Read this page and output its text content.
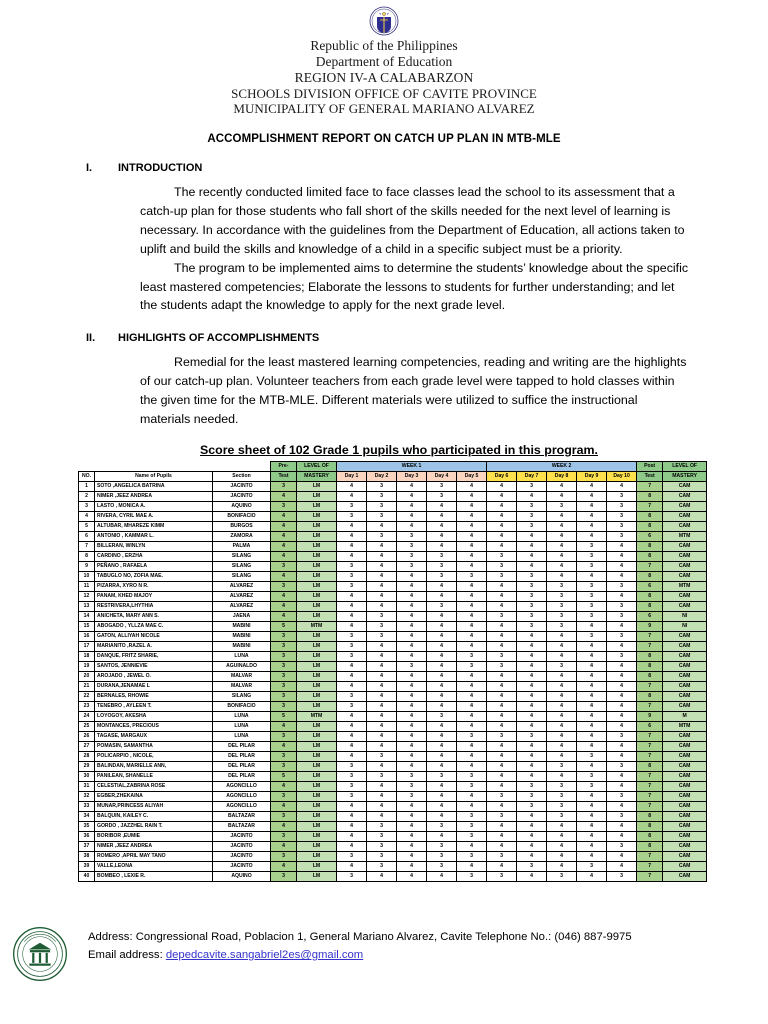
Republic of the Philippines
Department of Education
REGION IV-A CALABARZON
SCHOOLS DIVISION OFFICE OF CAVITE PROVINCE
MUNICIPALITY OF GENERAL MARIANO ALVAREZ
ACCOMPLISHMENT REPORT ON CATCH UP PLAN IN MTB-MLE
I. INTRODUCTION
The recently conducted limited face to face classes lead the school to its assessment that a catch-up plan for those students who fall short of the skills needed for the next level of learning is necessary. In accordance with the guidelines from the Department of Education, all actions taken to uplift and build the skills and knowledge of a child in a specific subject must be a priority.
The program to be implemented aims to determine the students’ knowledge about the specific least mastered competencies; Elaborate the lessons to students for further understanding; and let the students adapt the knowledge to apply for the next grade level.
II. HIGHLIGHTS OF ACCOMPLISHMENTS
Remedial for the least mastered learning competencies, reading and writing are the highlights of our catch-up plan. Volunteer teachers from each grade level were tapped to hold classes within the given time for the MTB-MLE. Different materials were utilized to suffice the instructional materials needed.
Score sheet of 102 Grade 1 pupils who participated in this program.
			Pre-	LEVEL OF	WEEK 1					WEEK 2					Post	LEVEL OF
NO.	Name of Pupils	Section	Test	MASTERY	Day 1	Day 2	Day 3	Day 4	Day 5	Day 6	Day 7	Day 8	Day 9	Day 10	Test	MASTERY
1	SOTO ,ANGELICA BATRINA	JACINTO	3	LM	4	3	4	3	4	4	3	4	4	4	7	CAM
2	NIMER ,JEEZ ANDREA	JACINTO	4	LM	4	3	4	3	4	4	4	4	4	3	8	CAM
3	LASTO , MONICA A.	AQUINO	3	LM	3	3	4	4	4	4	3	3	4	3	7	CAM
4	RIVERA, CYRIL MAE A.	BONIFACIO	4	LM	3	3	4	4	4	4	3	4	4	3	8	CAM
5	ALTUBAR, MHAREZE KIMM	BURGOS	4	LM	4	4	4	4	4	4	3	4	4	3	8	CAM
6	ANTONIO , KAMMAR L.	ZAMORA	4	LM	4	3	3	4	4	4	4	4	4	3	6	MTM
7	BILLERAN, WINLYN	PALMA	4	LM	4	4	3	4	4	4	4	4	3	4	8	CAM
8	CARDINO , ERZHA	SILANG	4	LM	4	4	3	3	4	3	4	4	3	4	8	CAM
9	PEÑANO , RAFAELA	SILANG	3	LM	3	4	3	3	4	3	4	4	3	4	7	CAM
10	TABUGLO NO, ZOFIA MAE.	SILANG	4	LM	3	4	4	3	3	3	3	4	4	4	8	CAM
11	PIZARRA, XYRO N R.	ALVAREZ	3	LM	3	4	4	4	4	4	3	3	3	3	6	MTM
12	PANAM, KHED MAJOY	ALVAREZ	4	LM	4	4	4	4	4	4	3	3	3	4	8	CAM
13	RESTRIVERA,LHYTHIA	ALVAREZ	4	LM	4	4	4	3	4	4	3	3	3	3	8	CAM
14	ANICHETA, MARY ANN S.	JAENA	4	LM	4	3	4	4	4	3	3	3	3	3	6	NI
15	ABOGADO , YLLZA MAE C.	MABINI	5	MTM	4	3	4	4	4	4	3	3	4	4	9	NI
16	GATON, ALLIYAH NICOLE	MABINI	3	LM	3	3	4	4	4	4	4	4	3	3	7	CAM
17	MARIANITO ,RAZEL A.	MABINI	3	LM	3	4	4	4	4	4	4	4	4	4	7	CAM
18	DANQUE, FRITZ SHARIE,	LUNA	3	LM	3	4	4	4	3	3	4	4	4	3	8	CAM
19	SANTOS, JENNIEVIE	AGUINALDO	3	LM	4	4	3	4	3	3	4	3	4	4	8	CAM
20	AROJADO , JEWEL O.	MALVAR	3	LM	4	4	4	4	4	4	4	4	4	4	8	CAM
21	DURANA,JENAMAE L	MALVAR	3	LM	4	4	4	4	4	4	4	4	4	4	7	CAM
22	BERNALES, RHOWIE	SILANG	3	LM	3	4	4	4	4	4	4	4	4	4	8	CAM
23	TENEBRO , AYLEEN T.	BONIFACIO	3	LM	3	4	4	4	4	4	4	4	4	4	7	CAM
24	LOYOGOY, AKESHA	LUNA	5	MTM	4	4	4	3	4	4	4	4	4	4	9	M
25	MONTANCES, PRECIOUS	LUNA	4	LM	4	4	4	4	4	4	4	4	4	4	6	MTM
26	TAGASE, MARGAUX	LUNA	3	LM	4	4	4	4	3	3	3	4	4	3	7	CAM
27	POMASIN, SAMANTHA	DEL PILAR	4	LM	4	4	4	4	4	4	4	4	4	4	7	CAM
28	POLICARPIO , NICOLE,	DEL PILAR	3	LM	4	3	4	4	4	4	4	4	3	4	7	CAM
29	BALINDAN, MARIELLE ANN,	DEL PILAR	3	LM	3	4	4	4	4	4	4	3	4	3	8	CAM
30	PANILEAN, SHANELLE	DEL PILAR	5	LM	3	3	3	3	3	4	4	4	3	4	7	CAM
31	CELESTIAL,ZABRINA ROSE	AGONCILLO	4	LM	3	4	3	4	3	4	3	3	3	4	7	CAM
32	EGBER,ZHEKAINA	AGONCILLO	3	LM	3	4	3	4	4	3	3	3	4	3	7	CAM
33	MUNAR,PRINCESS ALIYAH	AGONCILLO	4	LM	4	4	4	4	4	4	3	3	4	4	7	CAM
34	BALQUIN, KAILEY C.	BALTAZAR	3	LM	4	4	4	4	3	3	4	3	4	3	8	CAM
35	GORDO , JAZZHEL RAIN T.	BALTAZAR	4	LM	4	3	4	3	3	4	4	4	4	4	8	CAM
36	BORIBOR ,EUMIE	JACINTO	3	LM	4	3	4	4	3	4	4	4	4	4	8	CAM
37	NIMER ,JEEZ ANDREA	JACINTO	4	LM	4	3	4	3	4	4	4	4	4	3	8	CAM
38	ROMERO ,APRIL MAY TANO	JACINTO	3	LM	3	3	4	3	3	3	4	4	4	4	7	CAM
39	VALLE,LEONA	JACINTO	4	LM	4	3	4	3	4	4	3	4	3	4	7	CAM
40	BOMBEO , LEXIE R.	AQUINO	3	LM	3	4	4	4	3	3	4	3	4	3	7	CAM
Address: Congressional Road, Poblacion 1, General Mariano Alvarez, Cavite Telephone No.: (046) 887-9975
Email address: depedcavite.sangabriel2es@gmail.com
